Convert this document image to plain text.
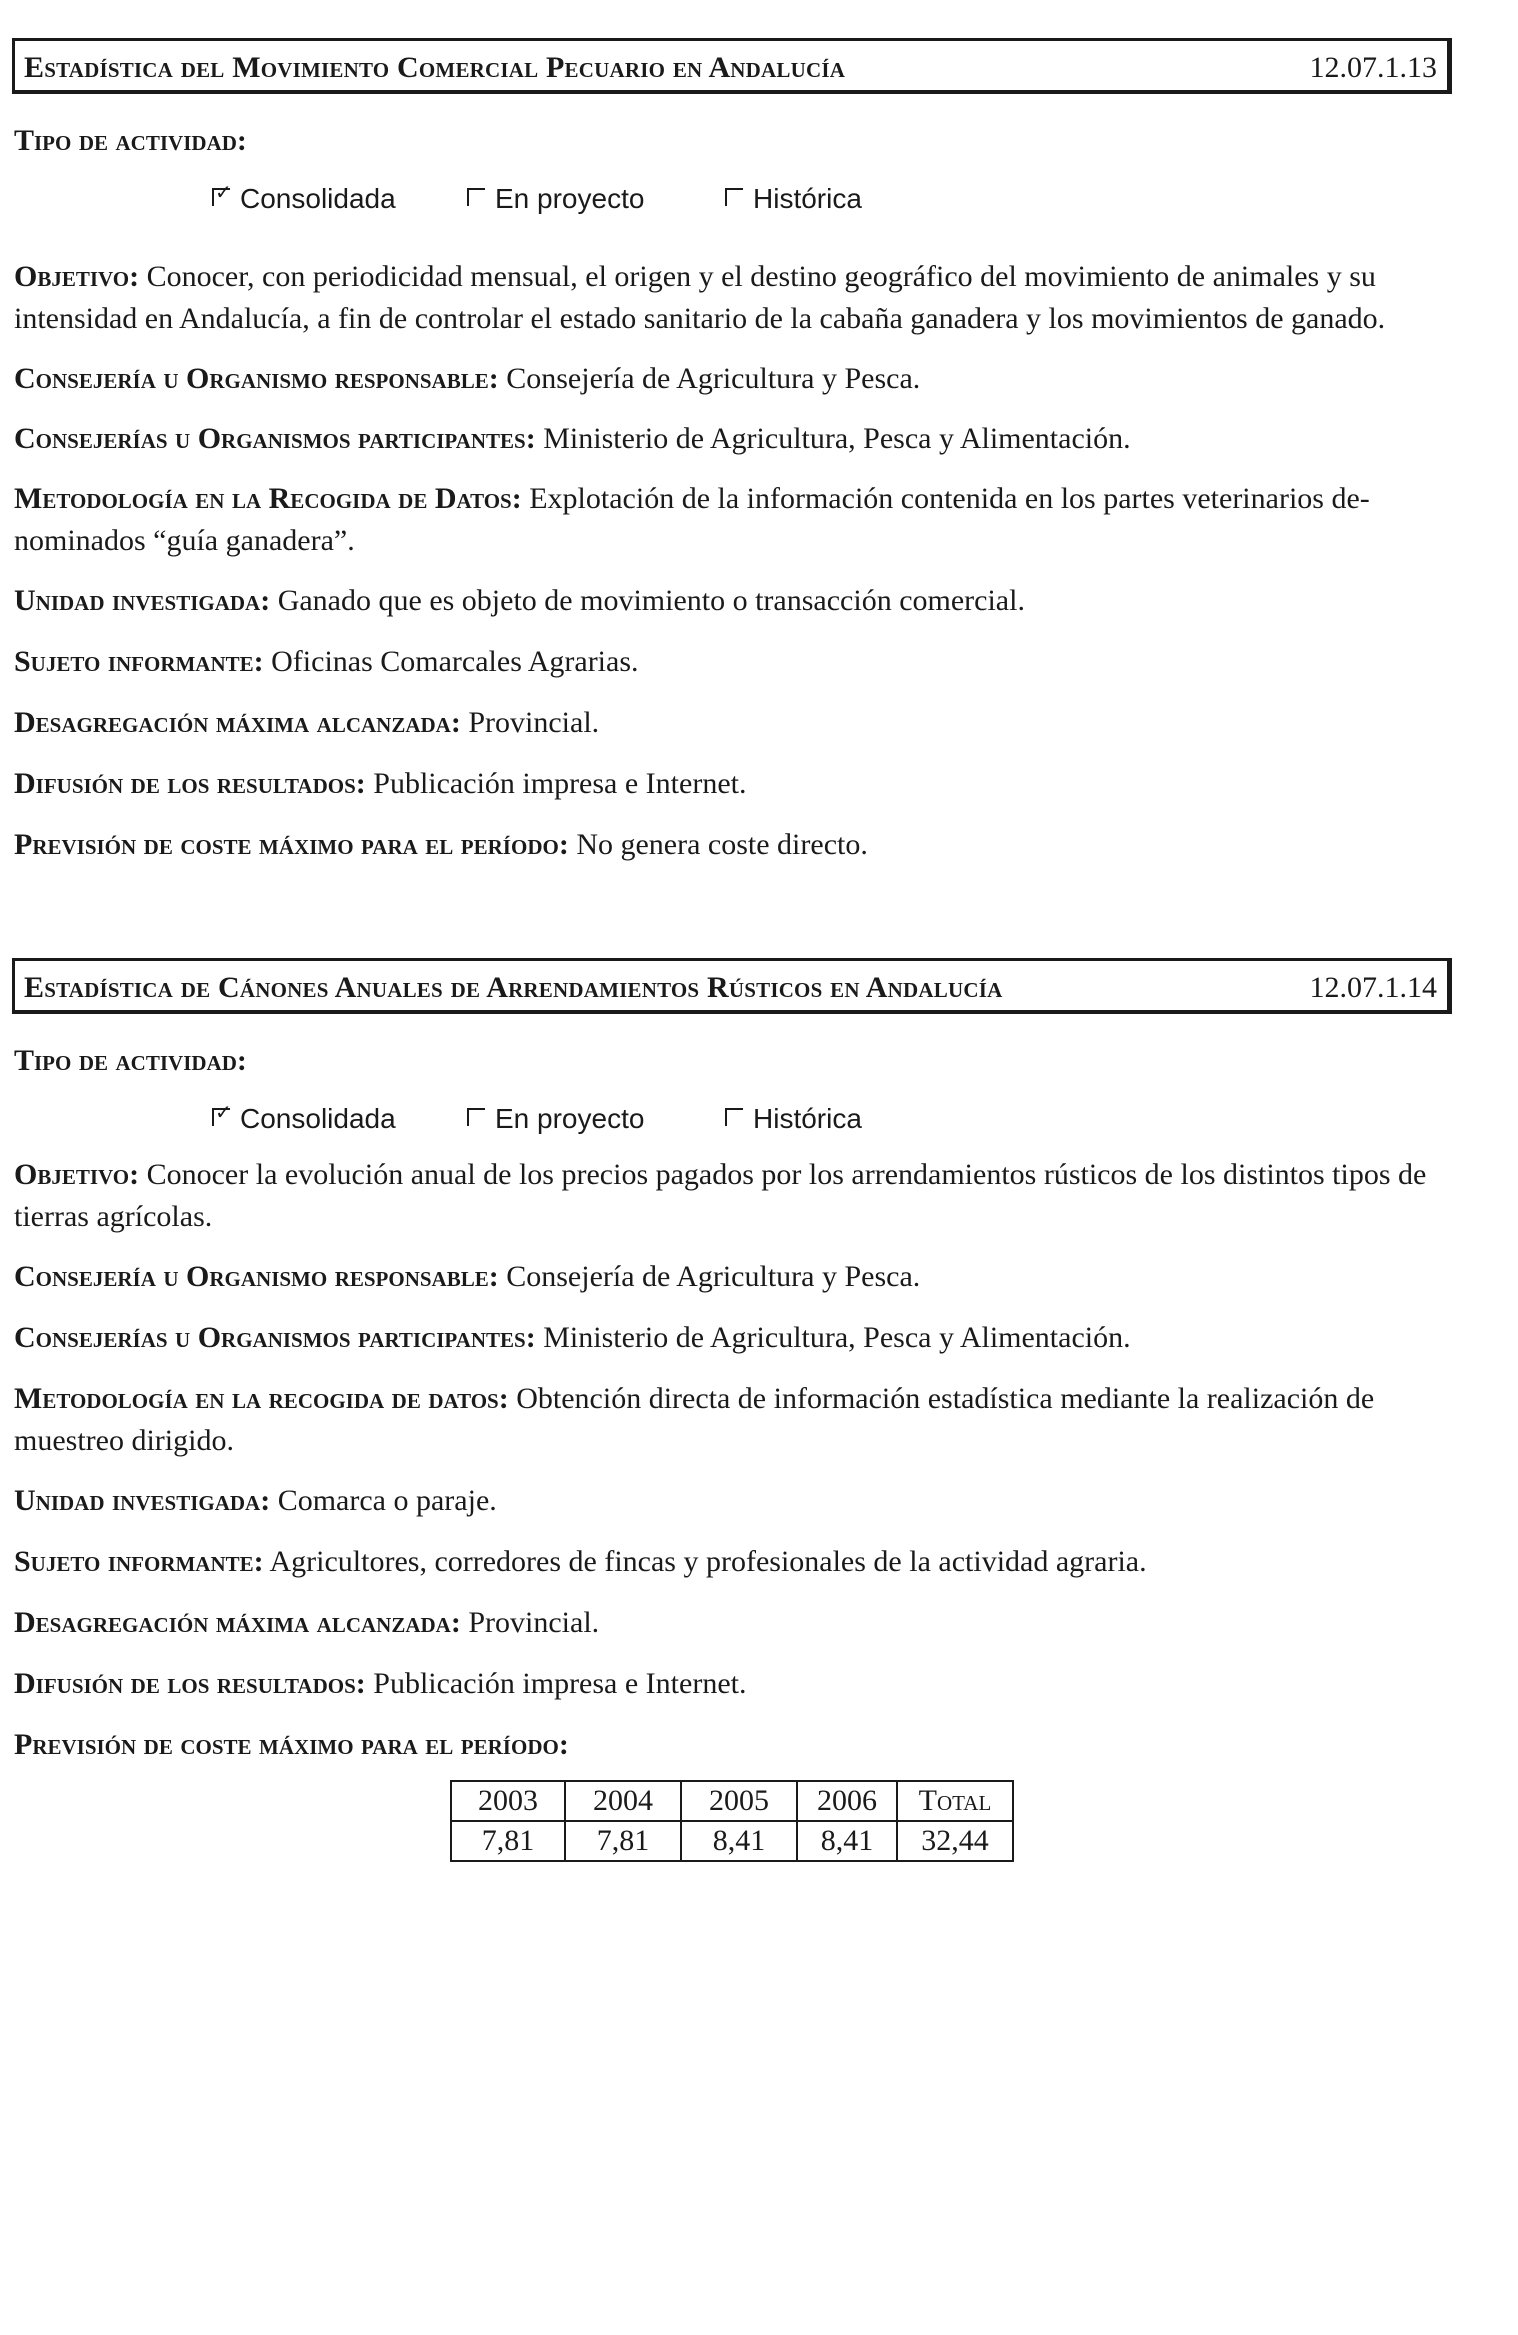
Estadística del Movimiento Comercial Pecuario en Andalucía	12.07.1.13
Tipo de actividad:
✓ Consolidada	En proyecto	Histórica
Objetivo: Conocer, con periodicidad mensual, el origen y el destino geográfico del movimiento de animales y su intensidad en Andalucía, a fin de controlar el estado sanitario de la cabaña ganadera y los movimientos de ganado.
Consejería u Organismo responsable: Consejería de Agricultura y Pesca.
Consejerías u Organismos participantes: Ministerio de Agricultura, Pesca y Alimentación.
Metodología en la Recogida de Datos: Explotación de la información contenida en los partes veterinarios de-nominados “guía ganadera”.
Unidad investigada: Ganado que es objeto de movimiento o transacción comercial.
Sujeto informante: Oficinas Comarcales Agrarias.
Desagregación máxima alcanzada: Provincial.
Difusión de los resultados: Publicación impresa e Internet.
Previsión de coste máximo para el período: No genera coste directo.
Estadística de Cánones Anuales de Arrendamientos Rústicos en Andalucía	12.07.1.14
Tipo de actividad:
✓ Consolidada	En proyecto	Histórica
Objetivo: Conocer la evolución anual de los precios pagados por los arrendamientos rústicos de los distintos tipos de tierras agrícolas.
Consejería u Organismo responsable: Consejería de Agricultura y Pesca.
Consejerías u Organismos participantes: Ministerio de Agricultura, Pesca y Alimentación.
Metodología en la recogida de datos: Obtención directa de información estadística mediante la realización de muestreo dirigido.
Unidad investigada: Comarca o paraje.
Sujeto informante: Agricultores, corredores de fincas y profesionales de la actividad agraria.
Desagregación máxima alcanzada: Provincial.
Difusión de los resultados: Publicación impresa e Internet.
Previsión de coste máximo para el período:
2003	2004	2005	2006	Total
7,81	7,81	8,41	8,41	32,44
